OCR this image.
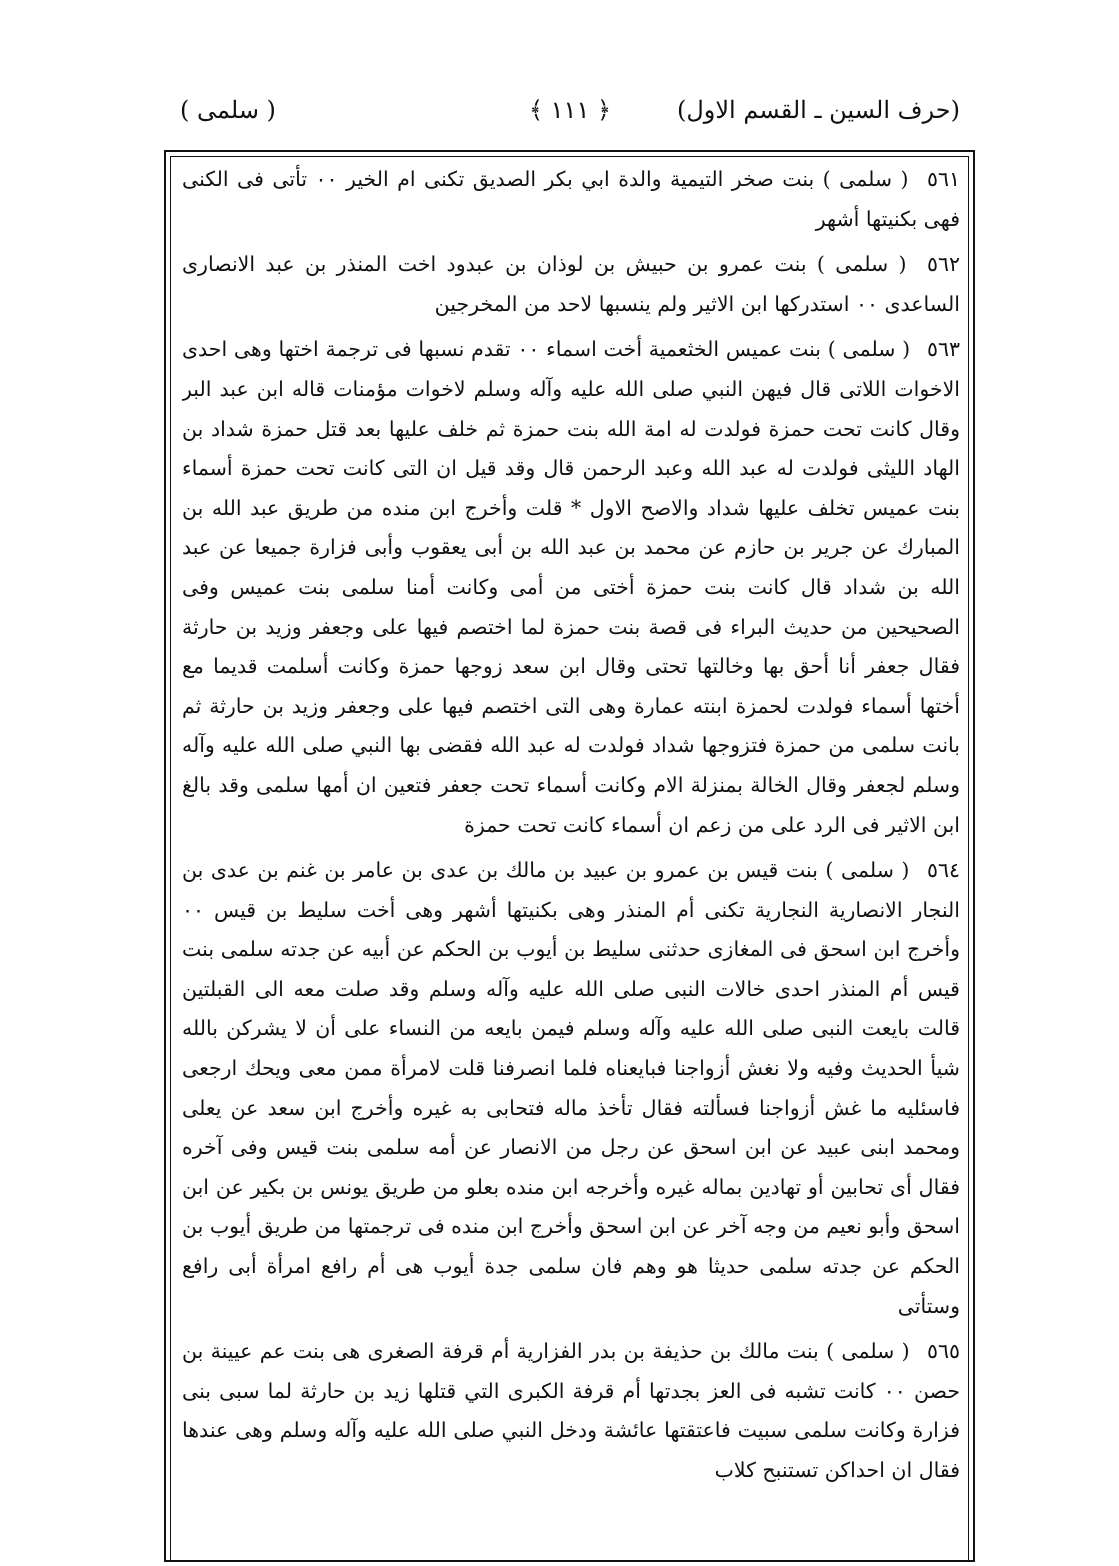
(حرف السين ـ القسم الاول)
﴿ ١١١ ﴾
( سلمى )

٥٦١ ( سلمى ) بنت صخر التيمية والدة ابي بكر الصديق تكنى ام الخير ٠٠ تأتى فى الكنى فهى بكنيتها أشهر

٥٦٢ ( سلمى ) بنت عمرو بن حبيش بن لوذان بن عبدود اخت المنذر بن عبد الانصارى الساعدى ٠٠ استدركها ابن الاثير ولم ينسبها لاحد من المخرجين

٥٦٣ ( سلمى ) بنت عميس الخثعمية أخت اسماء ٠٠ تقدم نسبها فى ترجمة اختها وهى احدى الاخوات اللاتى قال فيهن النبي صلى الله عليه وآله وسلم لاخوات مؤمنات قاله ابن عبد البر وقال كانت تحت حمزة فولدت له امة الله بنت حمزة ثم خلف عليها بعد قتل حمزة شداد بن الهاد الليثى فولدت له عبد الله وعبد الرحمن قال وقد قيل ان التى كانت تحت حمزة أسماء بنت عميس تخلف عليها شداد والاصح الاول * قلت وأخرج ابن منده من طريق عبد الله بن المبارك عن جرير بن حازم عن محمد بن عبد الله بن أبى يعقوب وأبى فزارة جميعا عن عبد الله بن شداد قال كانت بنت حمزة أختى من أمى وكانت أمنا سلمى بنت عميس وفى الصحيحين من حديث البراء فى قصة بنت حمزة لما اختصم فيها على وجعفر وزيد بن حارثة فقال جعفر أنا أحق بها وخالتها تحتى وقال ابن سعد زوجها حمزة وكانت أسلمت قديما مع أختها أسماء فولدت لحمزة ابنته عمارة وهى التى اختصم فيها على وجعفر وزيد بن حارثة ثم بانت سلمى من حمزة فتزوجها شداد فولدت له عبد الله فقضى بها النبي صلى الله عليه وآله وسلم لجعفر وقال الخالة بمنزلة الام وكانت أسماء تحت جعفر فتعين ان أمها سلمى وقد بالغ ابن الاثير فى الرد على من زعم ان أسماء كانت تحت حمزة

٥٦٤ ( سلمى ) بنت قيس بن عمرو بن عبيد بن مالك بن عدى بن عامر بن غنم بن عدى بن النجار الانصارية النجارية تكنى أم المنذر وهى بكنيتها أشهر وهى أخت سليط بن قيس ٠٠ وأخرج ابن اسحق فى المغازى حدثنى سليط بن أيوب بن الحكم عن أبيه عن جدته سلمى بنت قيس أم المنذر احدى خالات النبى صلى الله عليه وآله وسلم وقد صلت معه الى القبلتين قالت بايعت النبى صلى الله عليه وآله وسلم فيمن بايعه من النساء على أن لا يشركن بالله شيأ الحديث وفيه ولا نغش أزواجنا فبايعناه فلما انصرفنا قلت لامرأة ممن معى ويحك ارجعى فاسئليه ما غش أزواجنا فسألته فقال تأخذ ماله فتحابى به غيره وأخرج ابن سعد عن يعلى ومحمد ابنى عبيد عن ابن اسحق عن رجل من الانصار عن أمه سلمى بنت قيس وفى آخره فقال أى تحابين أو تهادين بماله غيره وأخرجه ابن منده بعلو من طريق يونس بن بكير عن ابن اسحق وأبو نعيم من وجه آخر عن ابن اسحق وأخرج ابن منده فى ترجمتها من طريق أيوب بن الحكم عن جدته سلمى حديثا هو وهم فان سلمى جدة أيوب هى أم رافع امرأة أبى رافع وستأتى

٥٦٥ ( سلمى ) بنت مالك بن حذيفة بن بدر الفزارية أم قرفة الصغرى هى بنت عم عيينة بن حصن ٠٠ كانت تشبه فى العز بجدتها أم قرفة الكبرى التي قتلها زيد بن حارثة لما سبى بنى فزارة وكانت سلمى سبيت فاعتقتها عائشة ودخل النبي صلى الله عليه وآله وسلم وهى عندها فقال ان احداكن تستنبح كلاب
